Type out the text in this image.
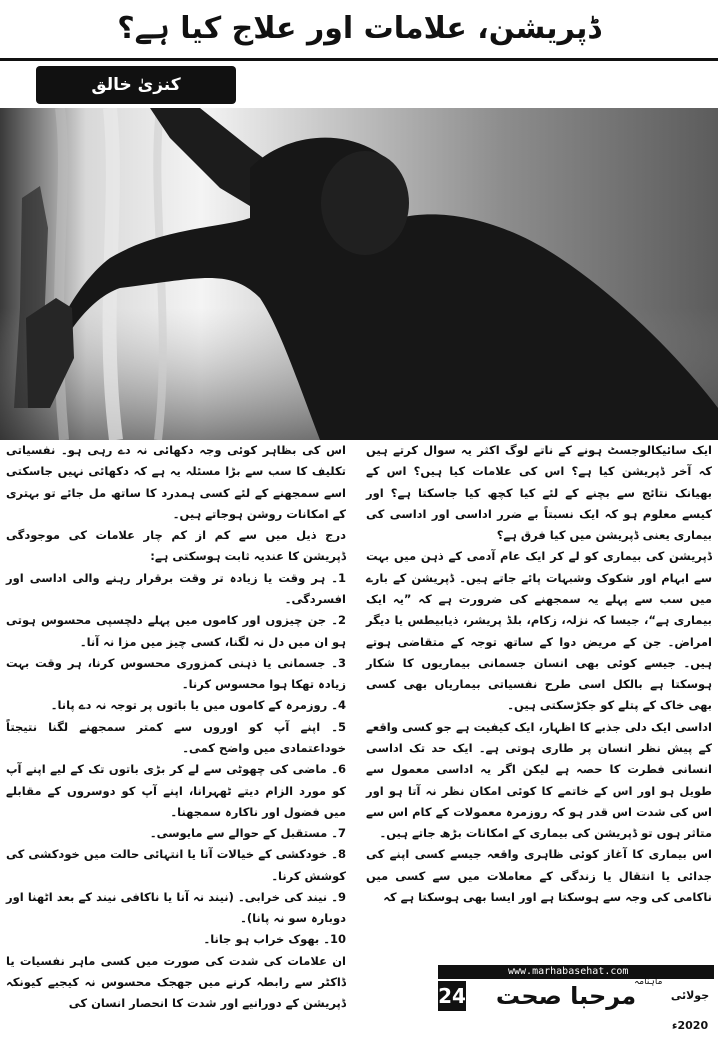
ڈپریشن، علامات اور علاج کیا ہے؟
کنزیٰ خالق

ایک سائیکالوجسٹ ہونے کے ناتے لوگ اکثر یہ سوال کرتے ہیں کہ آخر ڈپریشن کیا ہے؟ اس کی علامات کیا ہیں؟ اس کے بھیانک نتائج سے بچنے کے لئے کیا کچھ کیا جاسکتا ہے؟ اور کیسے معلوم ہو کہ ایک نسبتاً بے ضرر اداسی اور اداسی کی بیماری یعنی ڈپریشن میں کیا فرق ہے؟

ڈپریشن کی بیماری کو لے کر ایک عام آدمی کے ذہن میں بہت سے ابہام اور شکوک وشبہات پائے جاتے ہیں۔ ڈپریشن کے بارے میں سب سے پہلے یہ سمجھنے کی ضرورت ہے کہ ”یہ ایک بیماری ہے“، جیسا کہ نزلہ، زکام، بلڈ پریشر، ذیابیطس یا دیگر امراض۔ جن کے مریض دوا کے ساتھ توجہ کے متقاضی ہوتے ہیں۔ جیسے کوئی بھی انسان جسمانی بیماریوں کا شکار ہوسکتا ہے بالکل اسی طرح نفسیاتی بیماریاں بھی کسی بھی خاک کے پتلے کو جکڑسکتی ہیں۔

اداسی ایک دلی جذبے کا اظہار، ایک کیفیت ہے جو کسی واقعے کے پیش نظر انسان پر طاری ہوتی ہے۔ ایک حد تک اداسی انسانی فطرت کا حصہ ہے لیکن اگر یہ اداسی معمول سے طویل ہو اور اس کے خاتمے کا کوئی امکان نظر نہ آتا ہو اور اس کی شدت اس قدر ہو کہ روزمرہ معمولات کے کام اس سے متاثر ہوں تو ڈپریشن کی بیماری کے امکانات بڑھ جاتے ہیں۔

اس بیماری کا آغاز کوئی ظاہری واقعہ جیسے کسی اپنے کی جدائی یا انتقال یا زندگی کے معاملات میں سے کسی میں ناکامی کی وجہ سے ہوسکتا ہے اور ایسا بھی ہوسکتا ہے کہ

اس کی بظاہر کوئی وجہ دکھائی نہ دے رہی ہو۔ نفسیاتی تکلیف کا سب سے بڑا مسئلہ یہ ہے کہ دکھائی نہیں جاسکتی اسے سمجھنے کے لئے کسی ہمدرد کا ساتھ مل جائے تو بہتری کے امکانات روشن ہوجاتے ہیں۔

درج ذیل میں سے کم از کم چار علامات کی موجودگی ڈپریشن کا عندیہ ثابت ہوسکتی ہے:

1۔ ہر وقت یا زیادہ تر وقت برقرار رہنے والی اداسی اور افسردگی۔

2۔ جن چیزوں اور کاموں میں پہلے دلچسپی محسوس ہوتی ہو ان میں دل نہ لگنا، کسی چیز میں مزا نہ آنا۔

3۔ جسمانی یا ذہنی کمزوری محسوس کرنا، ہر وقت بہت زیادہ تھکا ہوا محسوس کرنا۔

4۔ روزمرہ کے کاموں میں یا باتوں پر توجہ نہ دے پانا۔

5۔ اپنے آپ کو اوروں سے کمتر سمجھنے لگنا نتیجتاً خوداعتمادی میں واضح کمی۔

6۔ ماضی کی چھوٹی سے لے کر بڑی باتوں تک کے لیے اپنے آپ کو مورد الزام دیتے ٹھہرانا، اپنے آپ کو دوسروں کے مقابلے میں فضول اور ناکارہ سمجھنا۔

7۔ مستقبل کے حوالے سے مایوسی۔

8۔ خودکشی کے خیالات آنا یا انتہائی حالت میں خودکشی کی کوشش کرنا۔

9۔ نیند کی خرابی۔ (نیند نہ آنا یا ناکافی نیند کے بعد اٹھنا اور دوبارہ سو نہ پانا)۔

10۔ بھوک خراب ہو جانا۔

ان علامات کی شدت کی صورت میں کسی ماہر نفسیات یا ڈاکٹر سے رابطہ کرنے میں جھجک محسوس نہ کیجیے کیونکہ ڈپریشن کے دورانیے اور شدت کا انحصار انسان کی

www.marhabasehat.com
24
ماہنامہ
مرحبا صحت	جولائی 2020ء
